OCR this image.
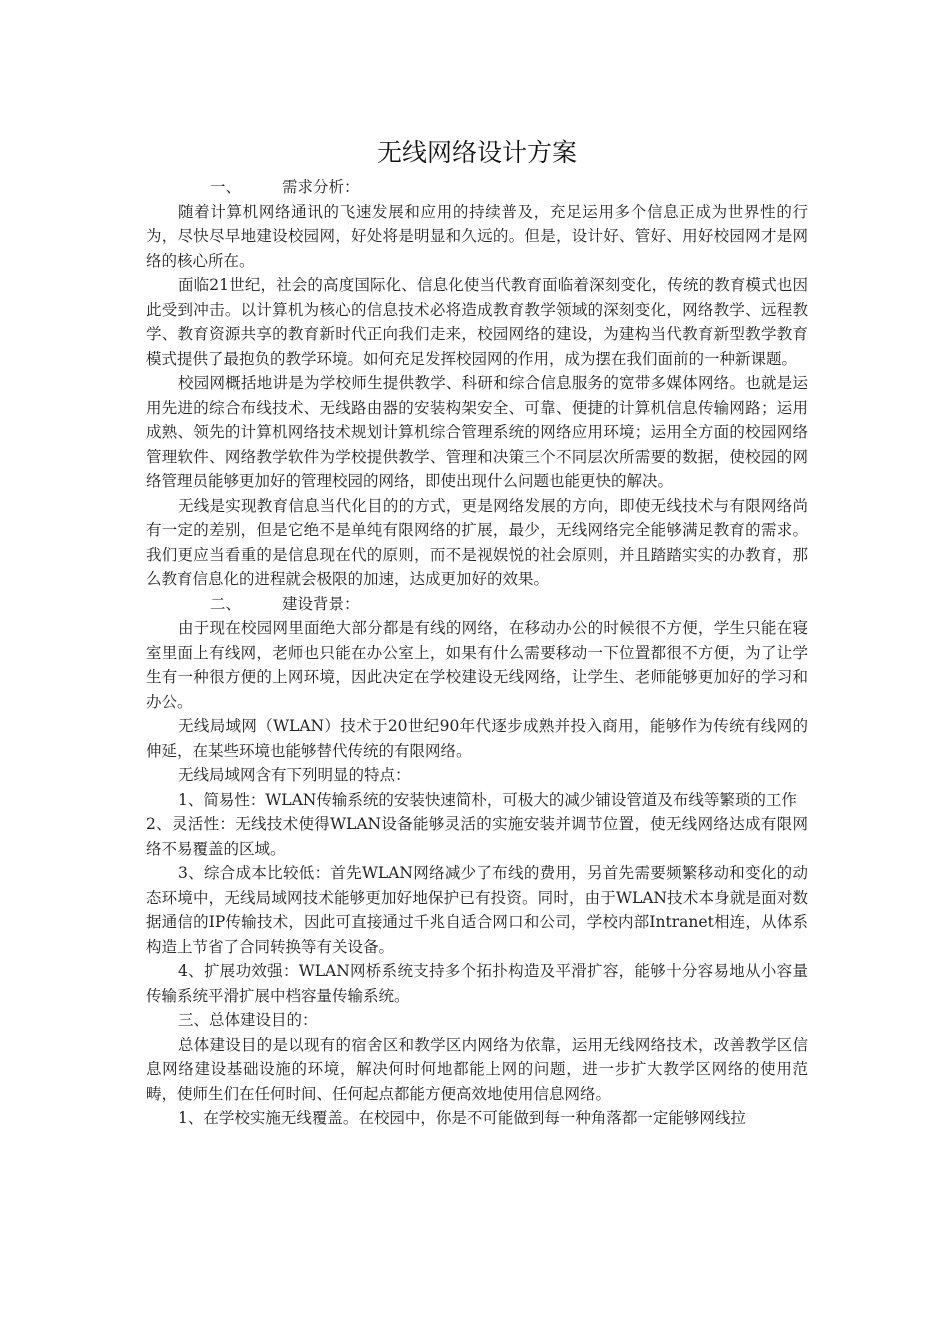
无线网络设计方案
一、	需求分析：

随着计算机网络通讯的飞速发展和应用的持续普及，充足运用多个信息正成为世界性的行为，尽快尽早地建设校园网，好处将是明显和久远的。但是，设计好、管好、用好校园网才是网络的核心所在。

面临21世纪，社会的高度国际化、信息化使当代教育面临着深刻变化，传统的教育模式也因此受到冲击。以计算机为核心的信息技术必将造成教育教学领域的深刻变化，网络教学、远程教学、教育资源共享的教育新时代正向我们走来，校园网络的建设，为建构当代教育新型教学教育模式提供了最抱负的教学环境。如何充足发挥校园网的作用，成为摆在我们面前的一种新课题。

校园网概括地讲是为学校师生提供教学、科研和综合信息服务的宽带多媒体网络。也就是运用先进的综合布线技术、无线路由器的安装构架安全、可靠、便捷的计算机信息传输网路；运用成熟、领先的计算机网络技术规划计算机综合管理系统的网络应用环境；运用全方面的校园网络管理软件、网络教学软件为学校提供教学、管理和决策三个不同层次所需要的数据，使校园的网络管理员能够更加好的管理校园的网络，即使出现什么问题也能更快的解决。

无线是实现教育信息当代化目的的方式，更是网络发展的方向，即使无线技术与有限网络尚有一定的差别，但是它绝不是单纯有限网络的扩展，最少，无线网络完全能够满足教育的需求。我们更应当看重的是信息现在代的原则，而不是视娱悦的社会原则，并且踏踏实实的办教育，那么教育信息化的进程就会极限的加速，达成更加好的效果。

二、	建设背景：

由于现在校园网里面绝大部分都是有线的网络，在移动办公的时候很不方便，学生只能在寝室里面上有线网，老师也只能在办公室上，如果有什么需要移动一下位置都很不方便，为了让学生有一种很方便的上网环境，因此决定在学校建设无线网络，让学生、老师能够更加好的学习和办公。

无线局域网（WLAN）技术于20世纪90年代逐步成熟并投入商用，能够作为传统有线网的伸延，在某些环境也能够替代传统的有限网络。

无线局域网含有下列明显的特点：

1、简易性：WLAN传输系统的安装快速简朴，可极大的减少铺设管道及布线等繁琐的工作

2、灵活性：无线技术使得WLAN设备能够灵活的实施安装并调节位置，使无线网络达成有限网络不易覆盖的区域。

3、综合成本比较低：首先WLAN网络减少了布线的费用，另首先需要频繁移动和变化的动态环境中，无线局域网技术能够更加好地保护已有投资。同时，由于WLAN技术本身就是面对数据通信的IP传输技术，因此可直接通过千兆自适合网口和公司，学校内部Intranet相连，从体系构造上节省了合同转换等有关设备。

4、扩展功效强：WLAN网桥系统支持多个拓扑构造及平滑扩容，能够十分容易地从小容量传输系统平滑扩展中档容量传输系统。

三、总体建设目的：

总体建设目的是以现有的宿舍区和教学区内网络为依靠，运用无线网络技术，改善教学区信息网络建设基础设施的环境，解决何时何地都能上网的问题，进一步扩大教学区网络的使用范畴，使师生们在任何时间、任何起点都能方便高效地使用信息网络。

1、在学校实施无线覆盖。在校园中，你是不可能做到每一种角落都一定能够网线拉
